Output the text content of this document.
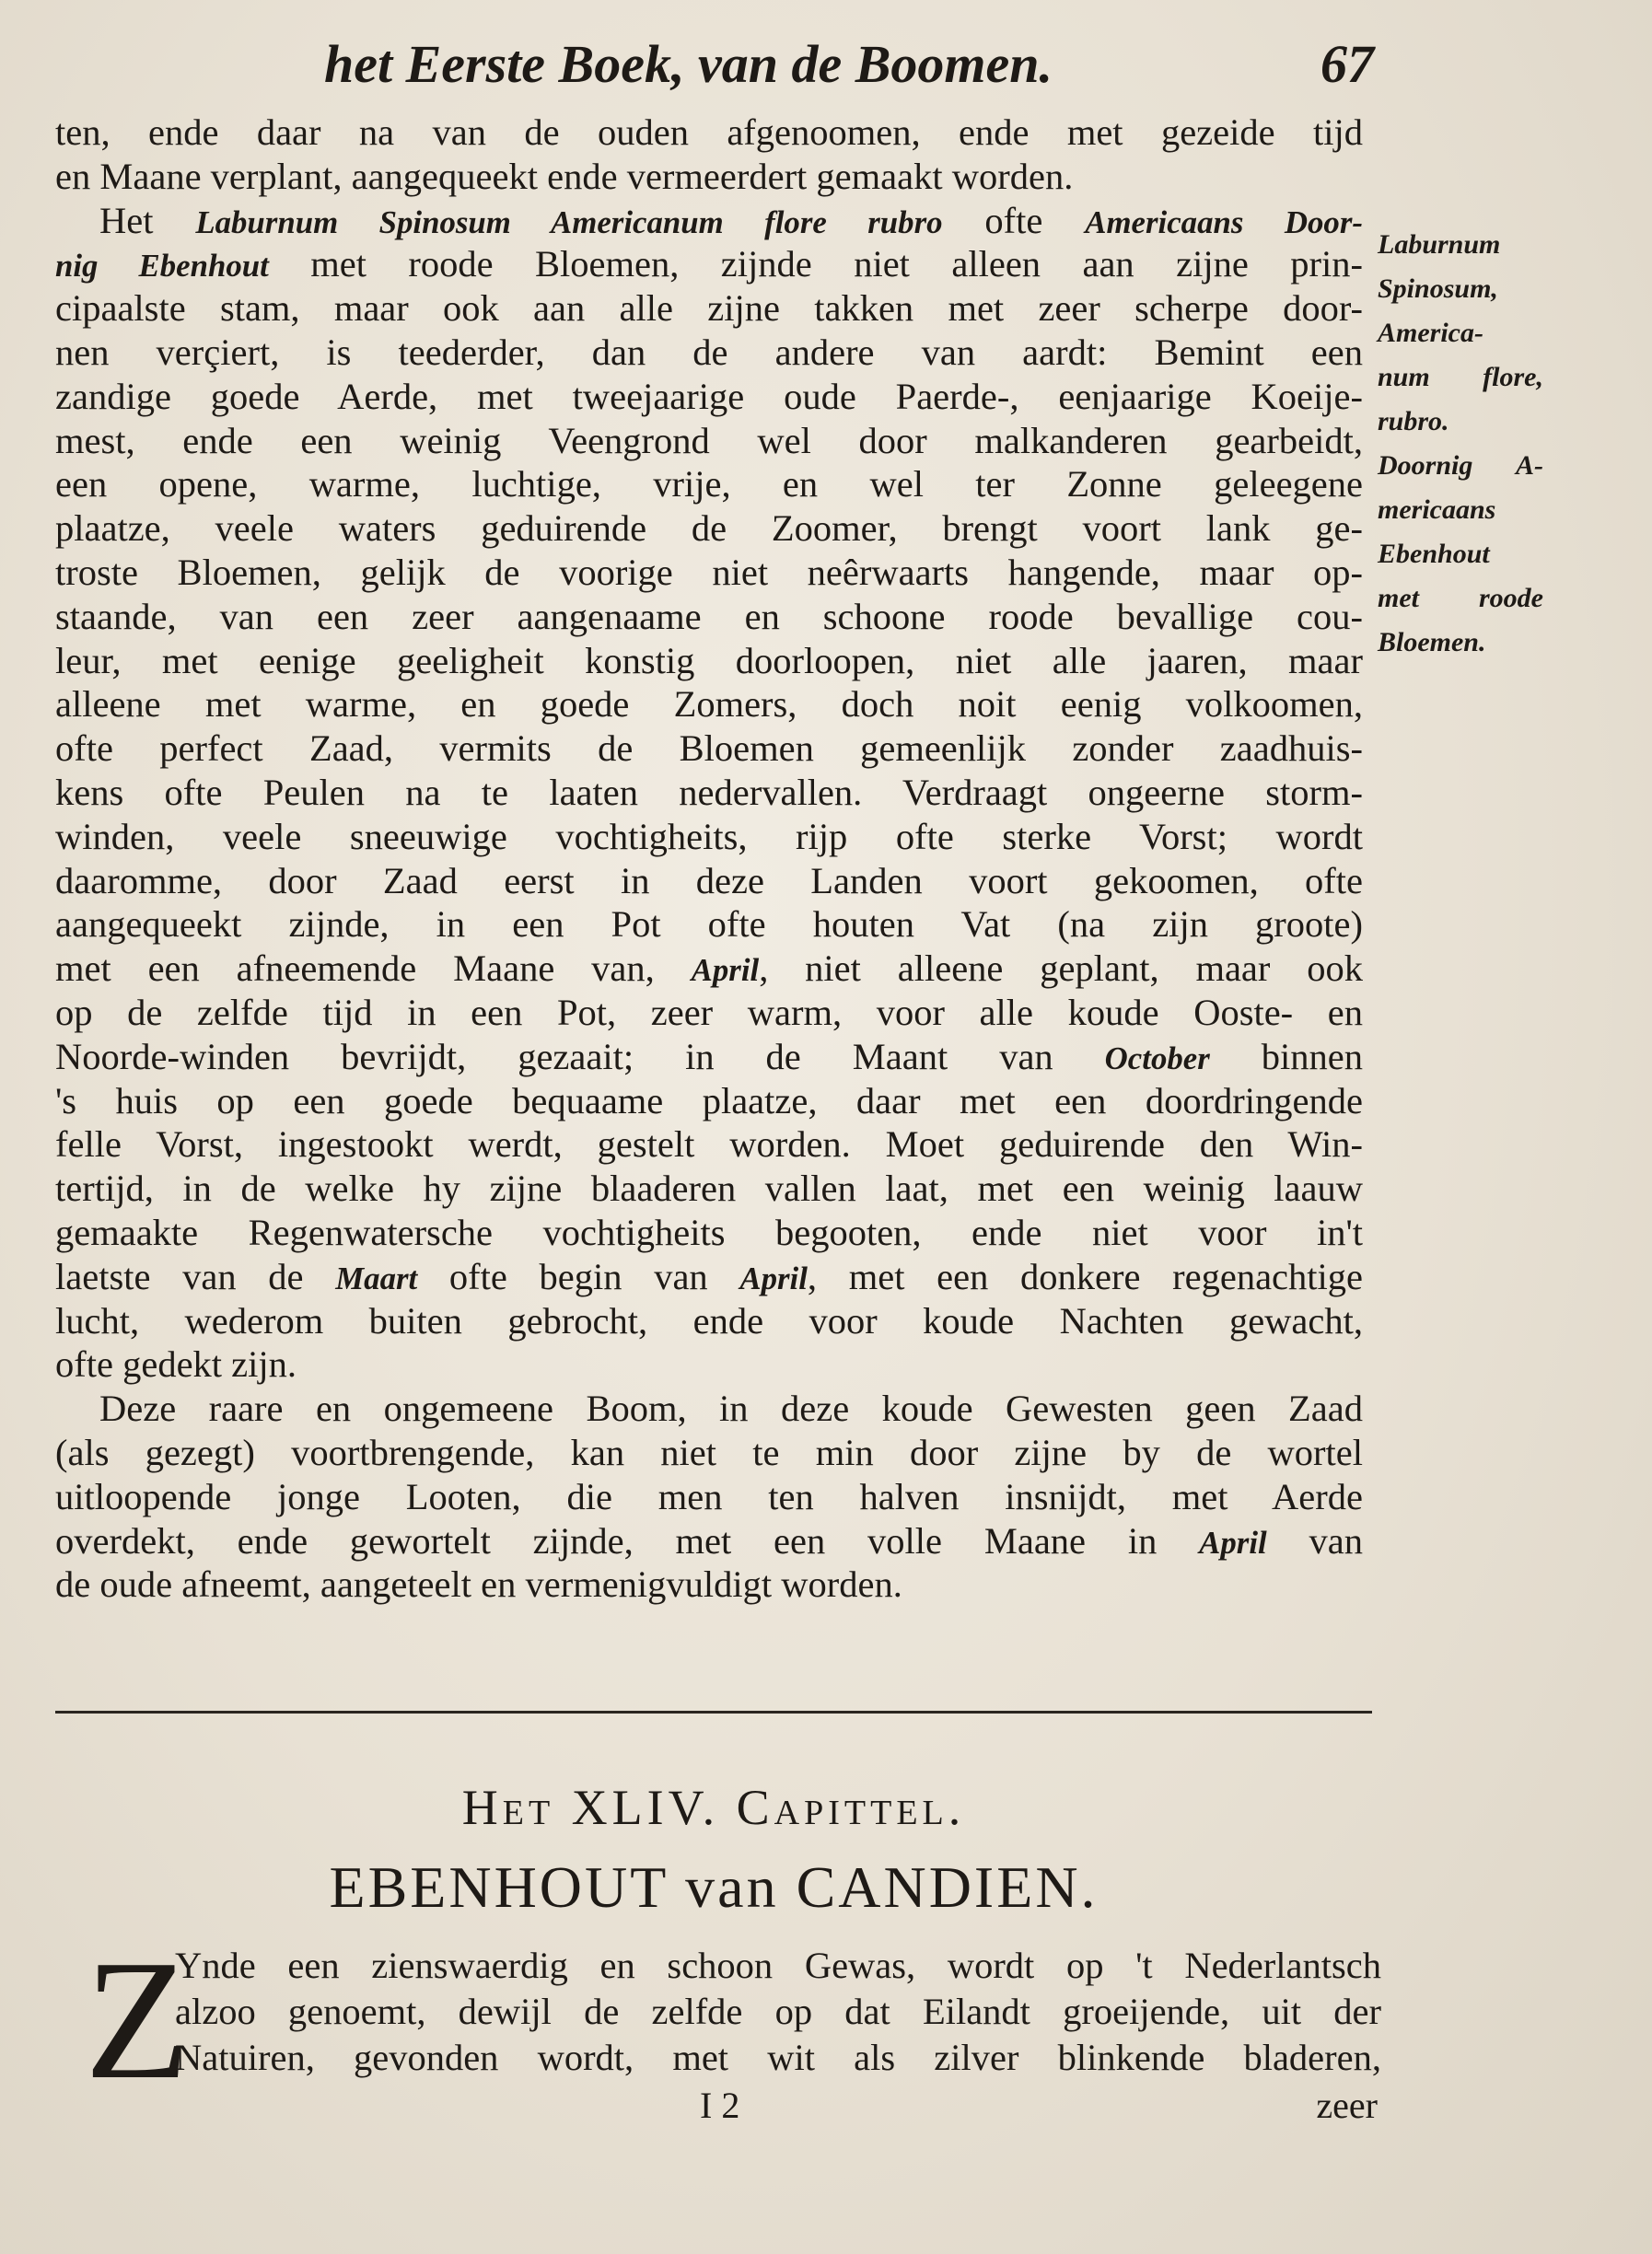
het Eerste Boek, van de Boomen.	67
ten, ende daar na van de ouden afgenoomen, ende met gezeide tijd
en Maane verplant, aangequeekt ende vermeerdert gemaakt worden.
Het Laburnum Spinosum Americanum flore rubro ofte Americaans Door-
nig Ebenhout met roode Bloemen, zijnde niet alleen aan zijne prin-
cipaalste stam, maar ook aan alle zijne takken met zeer scherpe door-
nen verçiert, is teederder, dan de andere van aardt: Bemint een
zandige goede Aerde, met tweejaarige oude Paerde-, eenjaarige Koeije-
mest, ende een weinig Veengrond wel door malkanderen gearbeidt,
een opene, warme, luchtige, vrije, en wel ter Zonne geleegene
plaatze, veele waters geduirende de Zoomer, brengt voort lank ge-
troste Bloemen, gelijk de voorige niet neêrwaarts hangende, maar op-
staande, van een zeer aangenaame en schoone roode bevallige cou-
leur, met eenige geeligheit konstig doorloopen, niet alle jaaren, maar
alleene met warme, en goede Zomers, doch noit eenig volkoomen,
ofte perfect Zaad, vermits de Bloemen gemeenlijk zonder zaadhuis-
kens ofte Peulen na te laaten nedervallen. Verdraagt ongeerne storm-
winden, veele sneeuwige vochtigheits, rijp ofte sterke Vorst; wordt
daaromme, door Zaad eerst in deze Landen voort gekoomen, ofte
aangequeekt zijnde, in een Pot ofte houten Vat (na zijn groote)
met een afneemende Maane van, April, niet alleene geplant, maar ook
op de zelfde tijd in een Pot, zeer warm, voor alle koude Ooste- en
Noorde-winden bevrijdt, gezaait; in de Maant van October binnen
's huis op een goede bequaame plaatze, daar met een doordringende
felle Vorst, ingestookt werdt, gestelt worden. Moet geduirende den Win-
tertijd, in de welke hy zijne blaaderen vallen laat, met een weinig laauw
gemaakte Regenwatersche vochtigheits begooten, ende niet voor in't
laetste van de Maart ofte begin van April, met een donkere regenachtige
lucht, wederom buiten gebrocht, ende voor koude Nachten gewacht,
ofte gedekt zijn.
Deze raare en ongemeene Boom, in deze koude Gewesten geen Zaad
(als gezegt) voortbrengende, kan niet te min door zijne by de wortel
uitloopende jonge Looten, die men ten halven insnijdt, met Aerde
overdekt, ende gewortelt zijnde, met een volle Maane in April van
de oude afneemt, aangeteelt en vermenigvuldigt worden.
Laburnum
Spinosum,
America-
num flore,
rubro.
Doornig A-
mericaans
Ebenhout
met roode
Bloemen.
Het XLIV. Capittel.
EBENHOUT van CANDIEN.
Z
Ynde een zienswaerdig en schoon Gewas, wordt op 't Nederlantsch
alzoo genoemt, dewijl de zelfde op dat Eilandt groeijende, uit der
Natuiren, gevonden wordt, met wit als zilver blinkende bladeren,
I 2	zeer
